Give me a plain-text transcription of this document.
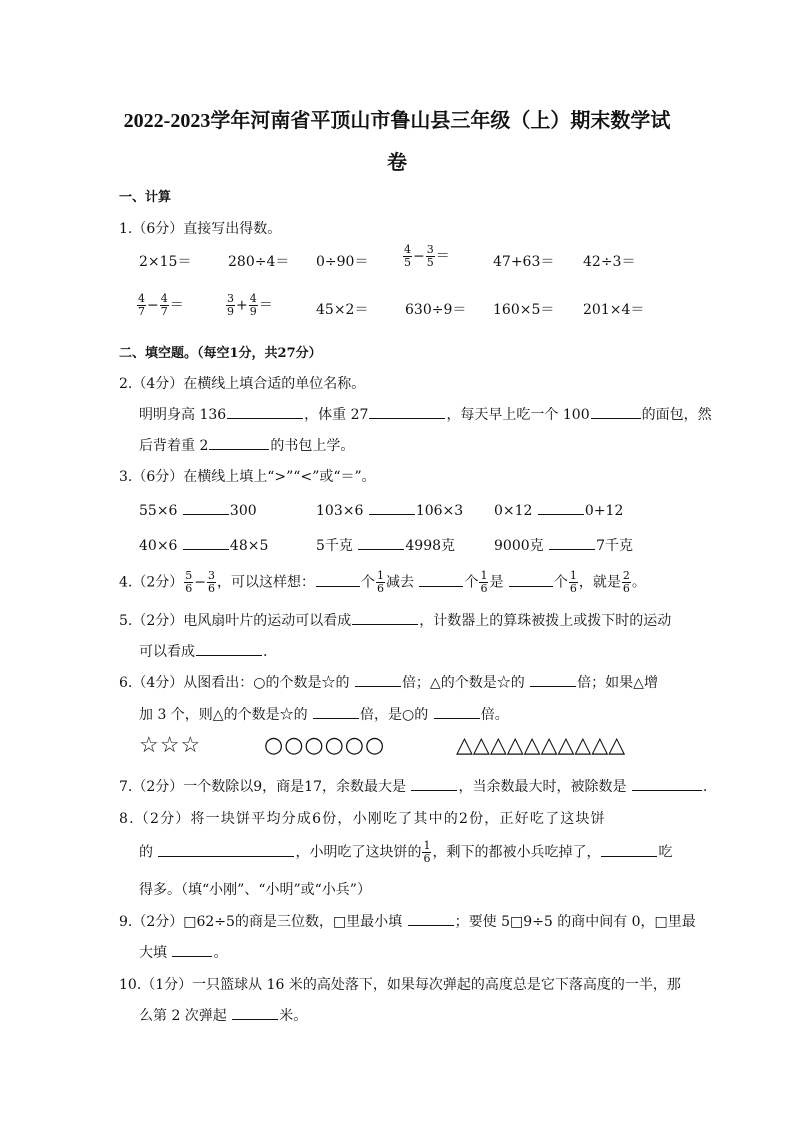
2022-2023学年河南省平顶山市鲁山县三年级（上）期末数学试
卷
一、计算
1.（6分）直接写出得数。
2×15＝	280÷4＝ 0÷90＝	$\frac{4}{5} - \frac{3}{5}$ ＝	47+63＝ 42÷3＝
$\frac{4}{7} - \frac{4}{7}$ ＝	$\frac{3}{9} + \frac{4}{9}$ ＝	45×2＝	630÷9＝ 160×5＝ 201×4＝
二、填空题。（每空1分，共27分）
2.（4分）在横线上填合适的单位名称。
明明身高 136	，体重 27	，每天早上吃一个 100	的面包，然
后背着重 2	的书包上学。
3.（6分）在横线上填上“>”“<”或“＝”。
55×6	300	103×6	106×3 0×12	0+12
40×6	48×5	5千克	4998克	9000克	7千克
4.（2分） $\frac{5}{6} - \frac{3}{6}$ ，可以这样想：	个 $\frac{1}{6}$ 减去	个 $\frac{1}{6}$ 是	个 $\frac{1}{6}$ ，就是 $\frac{2}{6}$ 。
5.（2分）电风扇叶片的运动可以看成	，计数器上的算珠被拨上或拨下时的运动
可以看成	.
6.（4分）从图看出：○的个数是☆的	倍；△的个数是☆的	倍；如果△增
加 3 个，则△的个数是☆的	倍，是○的	倍。
☆☆☆	○○○○○○	△△△△△△△△△△
7.（2分）一个数除以9，商是17，余数最大是	，当余数最大时，被除数是	.
8.（2分）将一块饼平均分成6份，小刚吃了其中的2份，正好吃了这块饼
的	，小明吃了这块饼的 $\frac{1}{6}$ ，剩下的都被小兵吃掉了，	吃
得多。（填“小刚”、“小明”或“小兵”）
9.（2分）□62÷5的商是三位数，□里最小填	；要使 5□9÷5 的商中间有 0，□里最
大填	。
10.（1分）一只篮球从 16 米的高处落下，如果每次弹起的高度总是它下落高度的一半，那
么第 2 次弹起	米。
